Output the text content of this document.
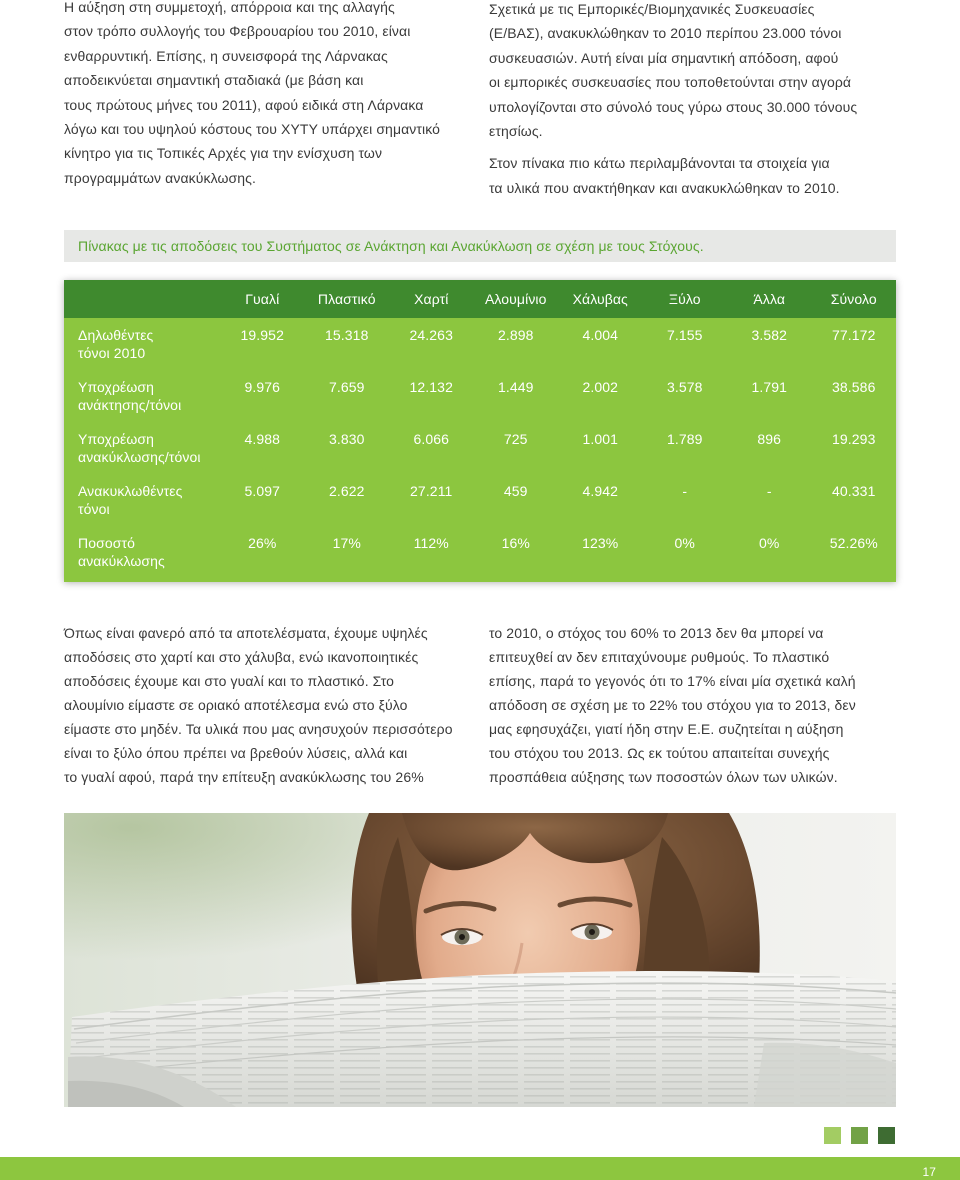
Η αύξηση στη συμμετοχή, απόρροια και της αλλαγής
στον τρόπο συλλογής του Φεβρουαρίου του 2010, είναι
ενθαρρυντική. Επίσης, η συνεισφορά της Λάρνακας
αποδεικνύεται σημαντική σταδιακά (με βάση και
τους πρώτους μήνες του 2011), αφού ειδικά στη Λάρνακα
λόγω και του υψηλού κόστους του ΧΥΤΥ υπάρχει σημαντικό
κίνητρο για τις Τοπικές Αρχές για την ενίσχυση των
προγραμμάτων ανακύκλωσης.
Σχετικά με τις Εμπορικές/Βιομηχανικές Συσκευασίες
(Ε/ΒΑΣ), ανακυκλώθηκαν το 2010 περίπου 23.000 τόνοι
συσκευασιών. Αυτή είναι μία σημαντική απόδοση, αφού
οι εμπορικές συσκευασίες που τοποθετούνται στην αγορά
υπολογίζονται στο σύνολό τους γύρω στους 30.000 τόνους
ετησίως.
Στον πίνακα πιο κάτω περιλαμβάνονται τα στοιχεία για
τα υλικά που ανακτήθηκαν και ανακυκλώθηκαν το 2010.
Πίνακας με τις αποδόσεις του Συστήματος σε Ανάκτηση και Ανακύκλωση σε σχέση με τους Στόχους.
Γυαλί	Πλαστικό	Χαρτί	Αλουμίνιο	Χάλυβας	Ξύλο	Άλλα	Σύνολο
Δηλωθέντες
τόνοι 2010
19.952	15.318	24.263	2.898	4.004	7.155	3.582	77.172
Υποχρέωση
ανάκτησης/τόνοι
9.976	7.659	12.132	1.449	2.002	3.578	1.791	38.586
Υποχρέωση
ανακύκλωσης/τόνοι
4.988	3.830	6.066	725	1.001	1.789	896	19.293
Ανακυκλωθέντες
τόνοι
5.097	2.622	27.211	459	4.942	-	-	40.331
Ποσοστό
ανακύκλωσης
26%	17%	112%	16%	123%	0%	0%	52.26%
Όπως είναι φανερό από τα αποτελέσματα, έχουμε υψηλές
αποδόσεις στο χαρτί και στο χάλυβα, ενώ ικανοποιητικές
αποδόσεις έχουμε και στο γυαλί και το πλαστικό. Στο
αλουμίνιο είμαστε σε οριακό αποτέλεσμα ενώ στο ξύλο
είμαστε στο μηδέν. Τα υλικά που μας ανησυχούν περισσότερο
είναι το ξύλο όπου πρέπει να βρεθούν λύσεις, αλλά και
το γυαλί αφού, παρά την επίτευξη ανακύκλωσης του 26%
το 2010, ο στόχος του 60% το 2013 δεν θα μπορεί να
επιτευχθεί αν δεν επιταχύνουμε ρυθμούς. Το πλαστικό
επίσης, παρά το γεγονός ότι το 17% είναι μία σχετικά καλή
απόδοση σε σχέση με το 22% του στόχου για το 2013, δεν
μας εφησυχάζει, γιατί ήδη στην Ε.Ε. συζητείται η αύξηση
του στόχου του 2013. Ως εκ τούτου απαιτείται συνεχής
προσπάθεια αύξησης των ποσοστών όλων των υλικών.
17
